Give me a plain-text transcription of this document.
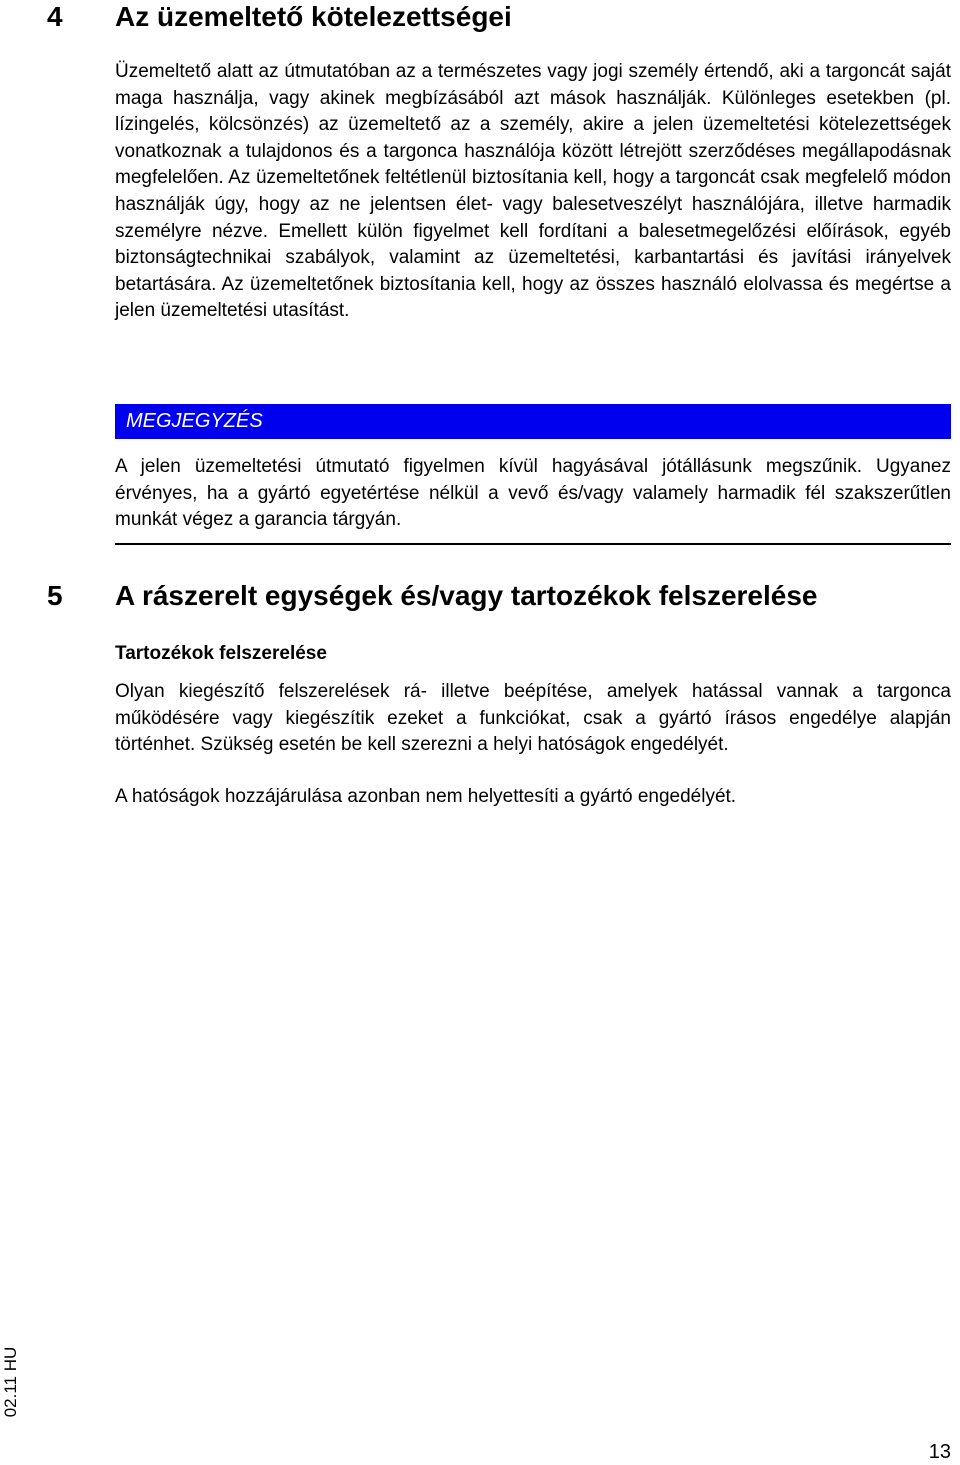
4 Az üzemeltető kötelezettségei

Üzemeltető alatt az útmutatóban az a természetes vagy jogi személy értendő, aki a targoncát saját maga használja, vagy akinek megbízásából azt mások használják. Különleges esetekben (pl. lízingelés, kölcsönzés) az üzemeltető az a személy, akire a jelen üzemeltetési kötelezettségek vonatkoznak a tulajdonos és a targonca használója között létrejött szerződéses megállapodásnak megfelelően. Az üzemeltetőnek feltétlenül biztosítania kell, hogy a targoncát csak megfelelő módon használják úgy, hogy az ne jelentsen élet- vagy balesetveszélyt használójára, illetve harmadik személyre nézve. Emellett külön figyelmet kell fordítani a balesetmegelőzési előírások, egyéb biztonságtechnikai szabályok, valamint az üzemeltetési, karbantartási és javítási irányelvek betartására. Az üzemeltetőnek biztosítania kell, hogy az összes használó elolvassa és megértse a jelen üzemeltetési utasítást.

MEGJEGYZÉS

A jelen üzemeltetési útmutató figyelmen kívül hagyásával jótállásunk megszűnik. Ugyanez érvényes, ha a gyártó egyetértése nélkül a vevő és/vagy valamely harmadik fél szakszerűtlen munkát végez a garancia tárgyán.

5 A rászerelt egységek és/vagy tartozékok felszerelése
Tartozékok felszerelése

Olyan kiegészítő felszerelések rá- illetve beépítése, amelyek hatással vannak a targonca működésére vagy kiegészítik ezeket a funkciókat, csak a gyártó írásos engedélye alapján történhet. Szükség esetén be kell szerezni a helyi hatóságok engedélyét.

A hatóságok hozzájárulása azonban nem helyettesíti a gyártó engedélyét.

02.11 HU
13
